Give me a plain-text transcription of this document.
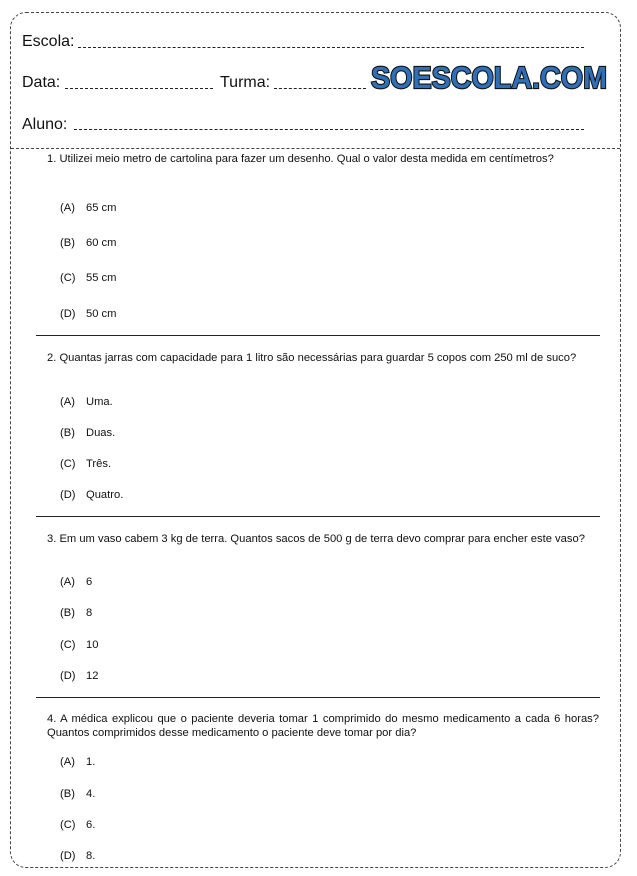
Escola:
Data:	Turma:
Aluno:
SOESCOLA.COM
1. Utilizei meio metro de cartolina para fazer um desenho. Qual o valor desta medida em centímetros?
(A) 65 cm
(B) 60 cm
(C) 55 cm
(D) 50 cm
2. Quantas jarras com capacidade para 1 litro são necessárias para guardar 5 copos com 250 ml de suco?
(A) Uma.
(B) Duas.
(C) Três.
(D) Quatro.
3. Em um vaso cabem 3 kg de terra. Quantos sacos de 500 g de terra devo comprar para encher este vaso?
(A) 6
(B) 8
(C) 10
(D) 12
4. A médica explicou que o paciente deveria tomar 1 comprimido do mesmo medicamento a cada 6 horas? Quantos comprimidos desse medicamento o paciente deve tomar por dia?
(A) 1.
(B) 4.
(C) 6.
(D) 8.
